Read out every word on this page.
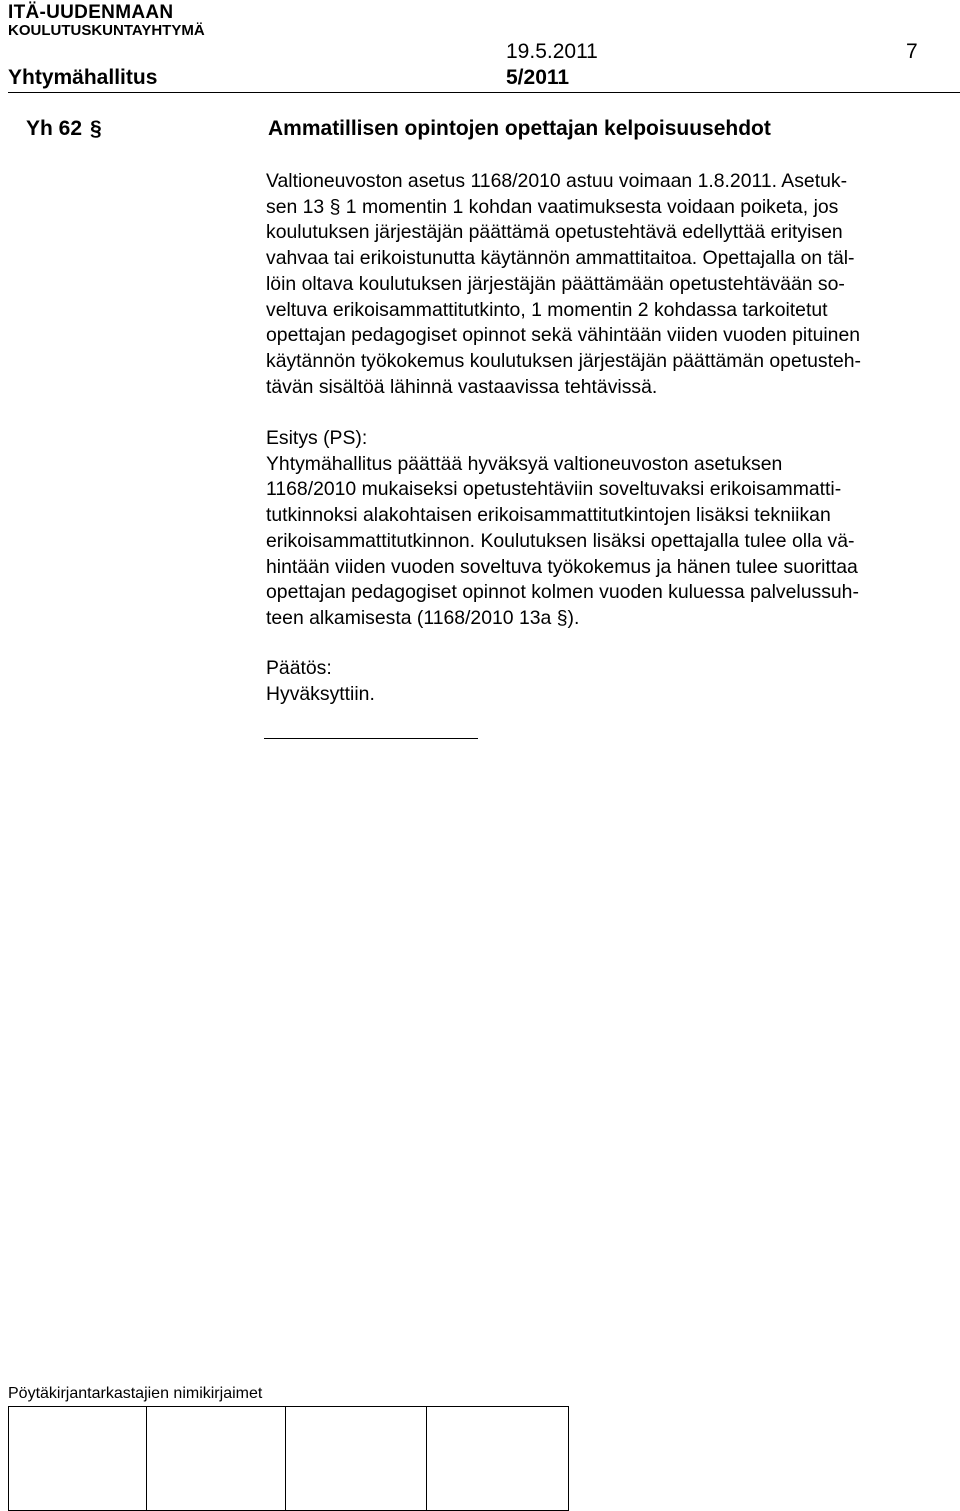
ITÄ-UUDENMAAN
KOULUTUSKUNTAYHTYMÄ
19.5.2011	7
Yhtymähallitus	5/2011
Yh 62 §	Ammatillisen opintojen opettajan kelpoisuusehdot
Valtioneuvoston asetus 1168/2010 astuu voimaan 1.8.2011. Asetuk-
sen 13 § 1 momentin 1 kohdan vaatimuksesta voidaan poiketa, jos
koulutuksen järjestäjän päättämä opetustehtävä edellyttää erityisen
vahvaa tai erikoistunutta käytännön ammattitaitoa. Opettajalla on täl-
löin oltava koulutuksen järjestäjän päättämään opetustehtävään so-
veltuva erikoisammattitutkinto, 1 momentin 2 kohdassa tarkoitetut
opettajan pedagogiset opinnot sekä vähintään viiden vuoden pituinen
käytännön työkokemus koulutuksen järjestäjän päättämän opetusteh-
tävän sisältöä lähinnä vastaavissa tehtävissä.
Esitys (PS):
Yhtymähallitus päättää hyväksyä valtioneuvoston asetuksen
1168/2010 mukaiseksi opetustehtäviin soveltuvaksi erikoisammatti-
tutkinnoksi alakohtaisen erikoisammattitutkintojen lisäksi tekniikan
erikoisammattitutkinnon. Koulutuksen lisäksi opettajalla tulee olla vä-
hintään viiden vuoden soveltuva työkokemus ja hänen tulee suorittaa
opettajan pedagogiset opinnot kolmen vuoden kuluessa palvelussuh-
teen alkamisesta (1168/2010 13a §).
Päätös:
Hyväksyttiin.
Pöytäkirjantarkastajien nimikirjaimet
